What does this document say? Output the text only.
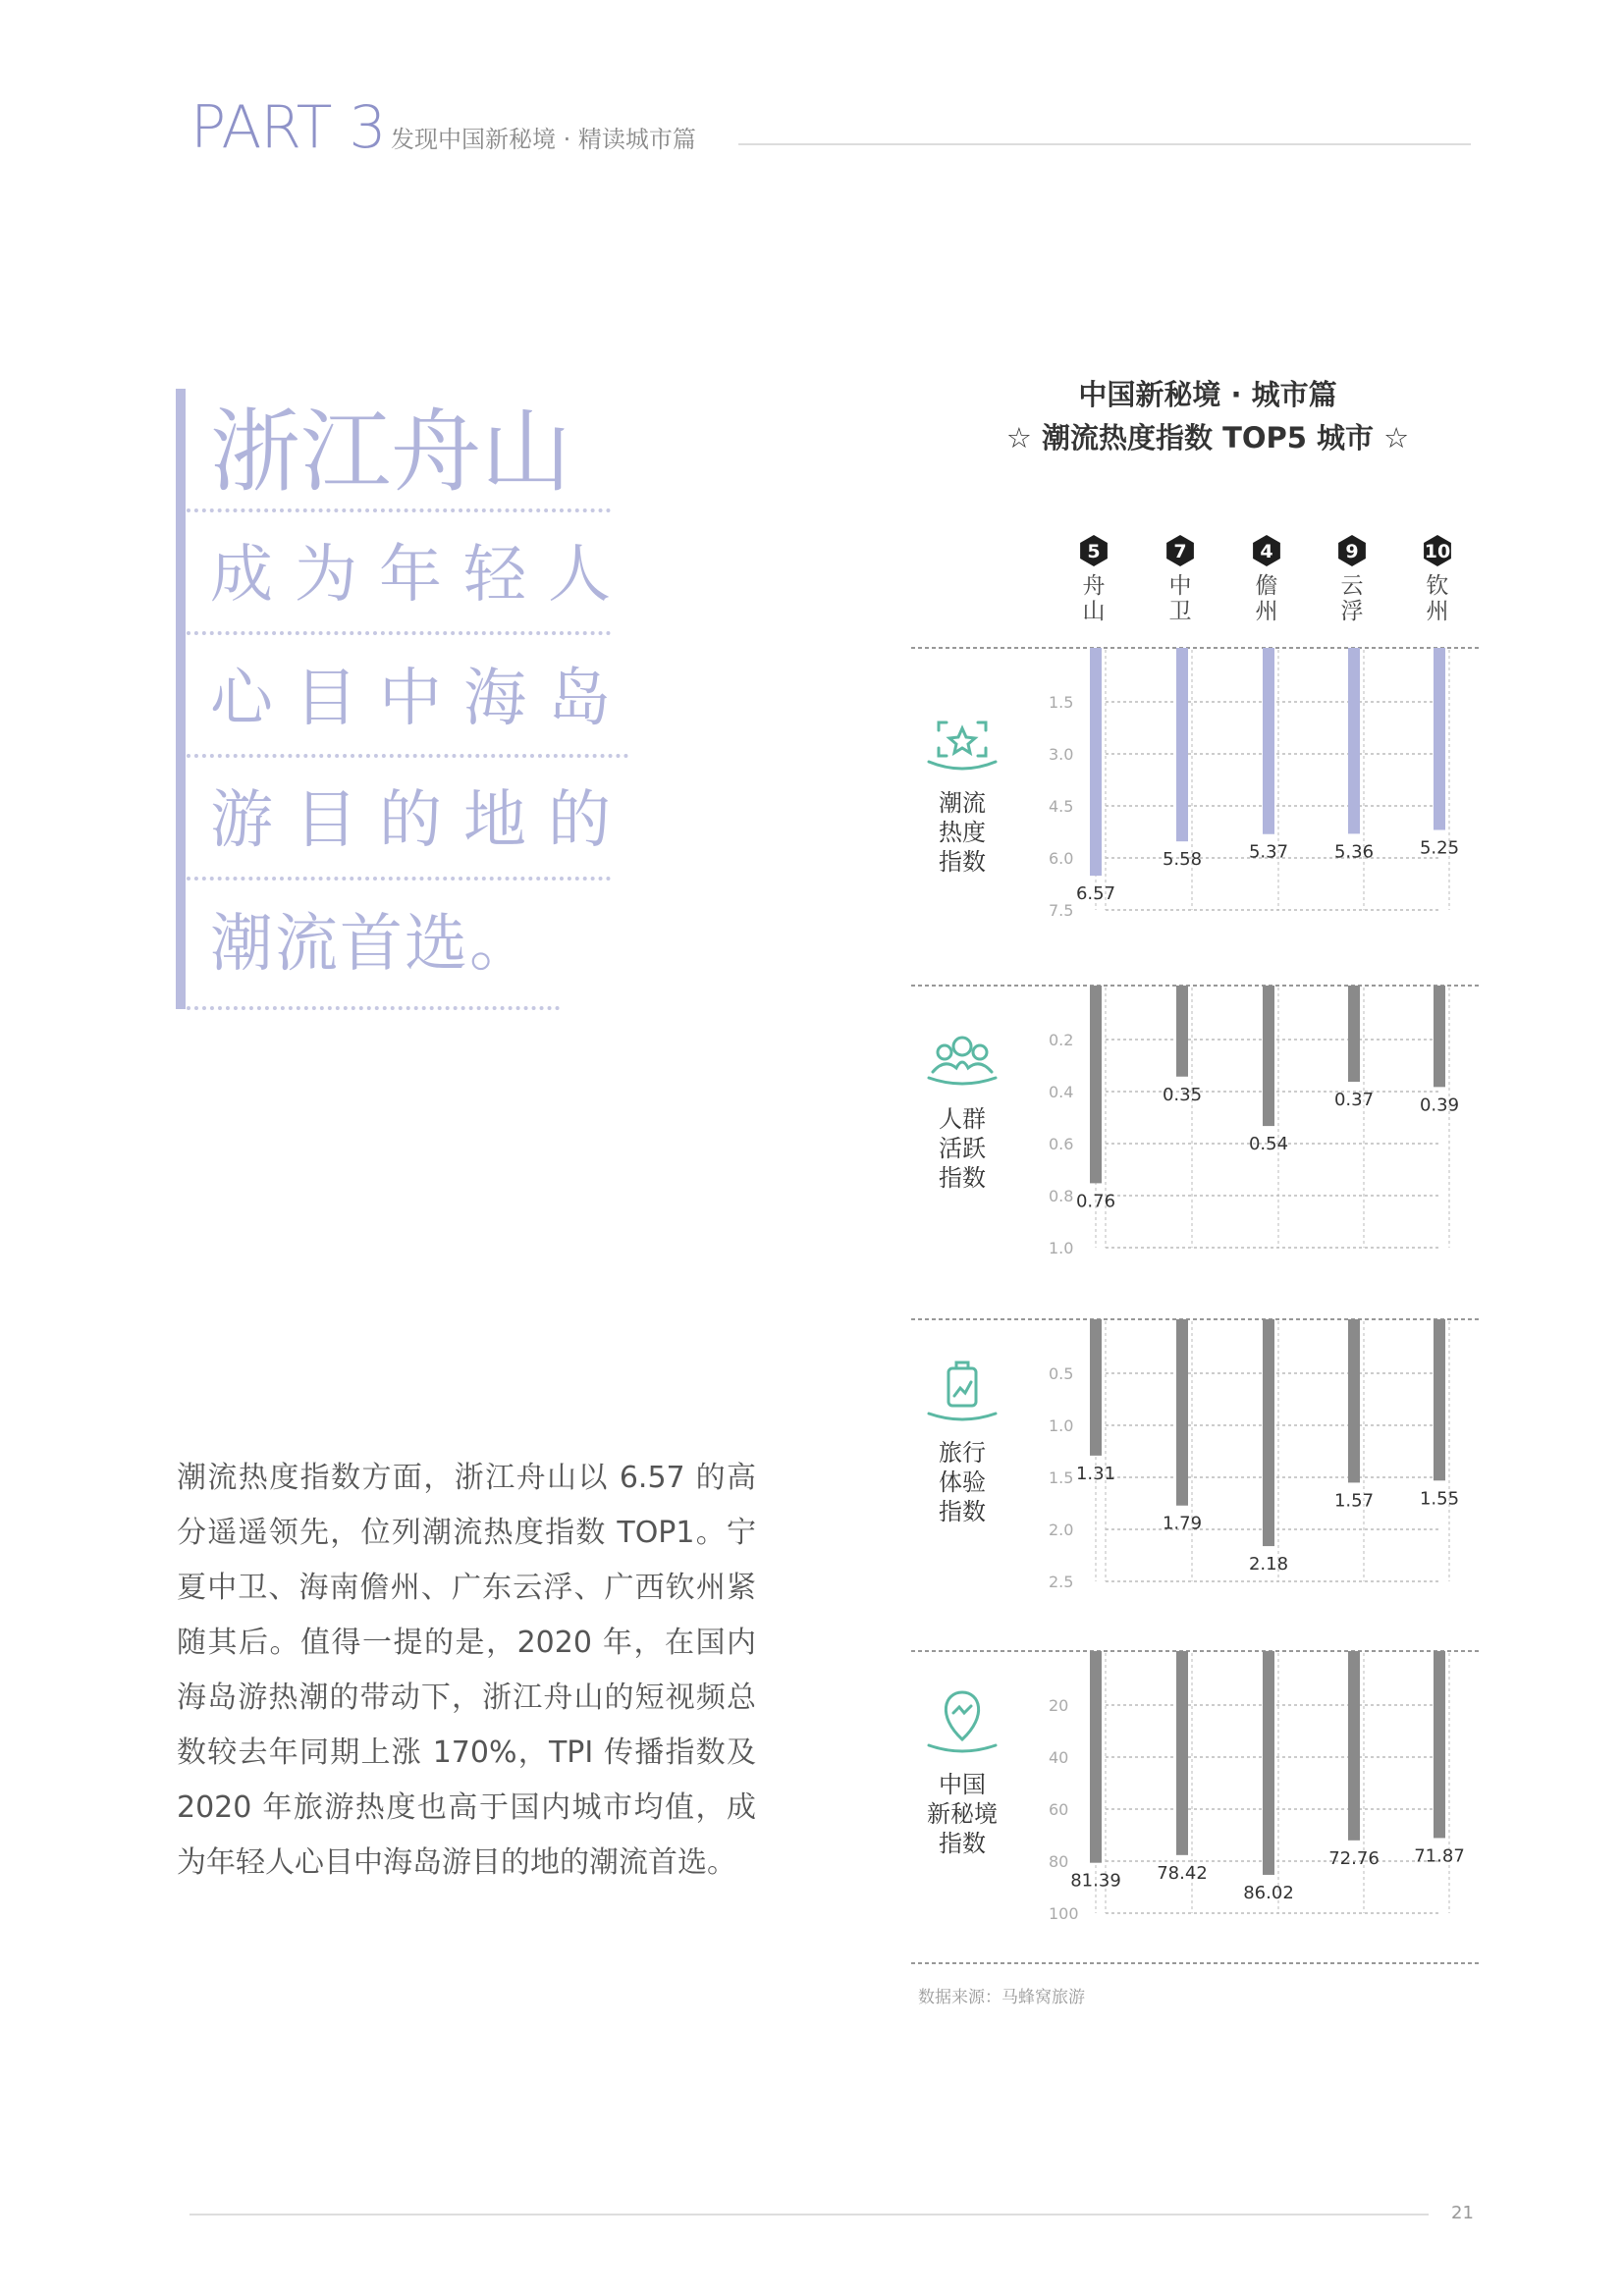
PART 3 发现中国新秘境 · 精读城市篇
浙江舟山
成为年轻人
心目中海岛
游目的地的
潮流首选。
潮流热度指数方面，浙江舟山以 6.57 的高分遥遥领先，位列潮流热度指数 TOP1。宁夏中卫、海南儋州、广东云浮、广西钦州紧随其后。值得一提的是，2020 年，在国内海岛游热潮的带动下，浙江舟山的短视频总数较去年同期上涨 170%，TPI 传播指数及 2020 年旅游热度也高于国内城市均值，成为年轻人心目中海岛游目的地的潮流首选。
中国新秘境 · 城市篇
☆ 潮流热度指数 TOP5 城市 ☆
5
舟
山
7
中
卫
4
儋
州
9
云
浮
10
钦
州
1.5
3.0
4.5
6.0
7.5
潮流
热度
指数
6.57
5.58	5.37	5.36	5.25
0.2
0.4
0.6
0.8
1.0
人群
活跃
指数
0.76
0.35
0.54
0.37	0.39
0.5
1.0
1.5
2.0
2.5
旅行
体验
指数
1.31
1.79
2.18
1.57	1.55
20
40
60
80
100
中国
新秘境
指数
81.39 78.42
86.02
72.76 71.87
数据来源：马蜂窝旅游
21
